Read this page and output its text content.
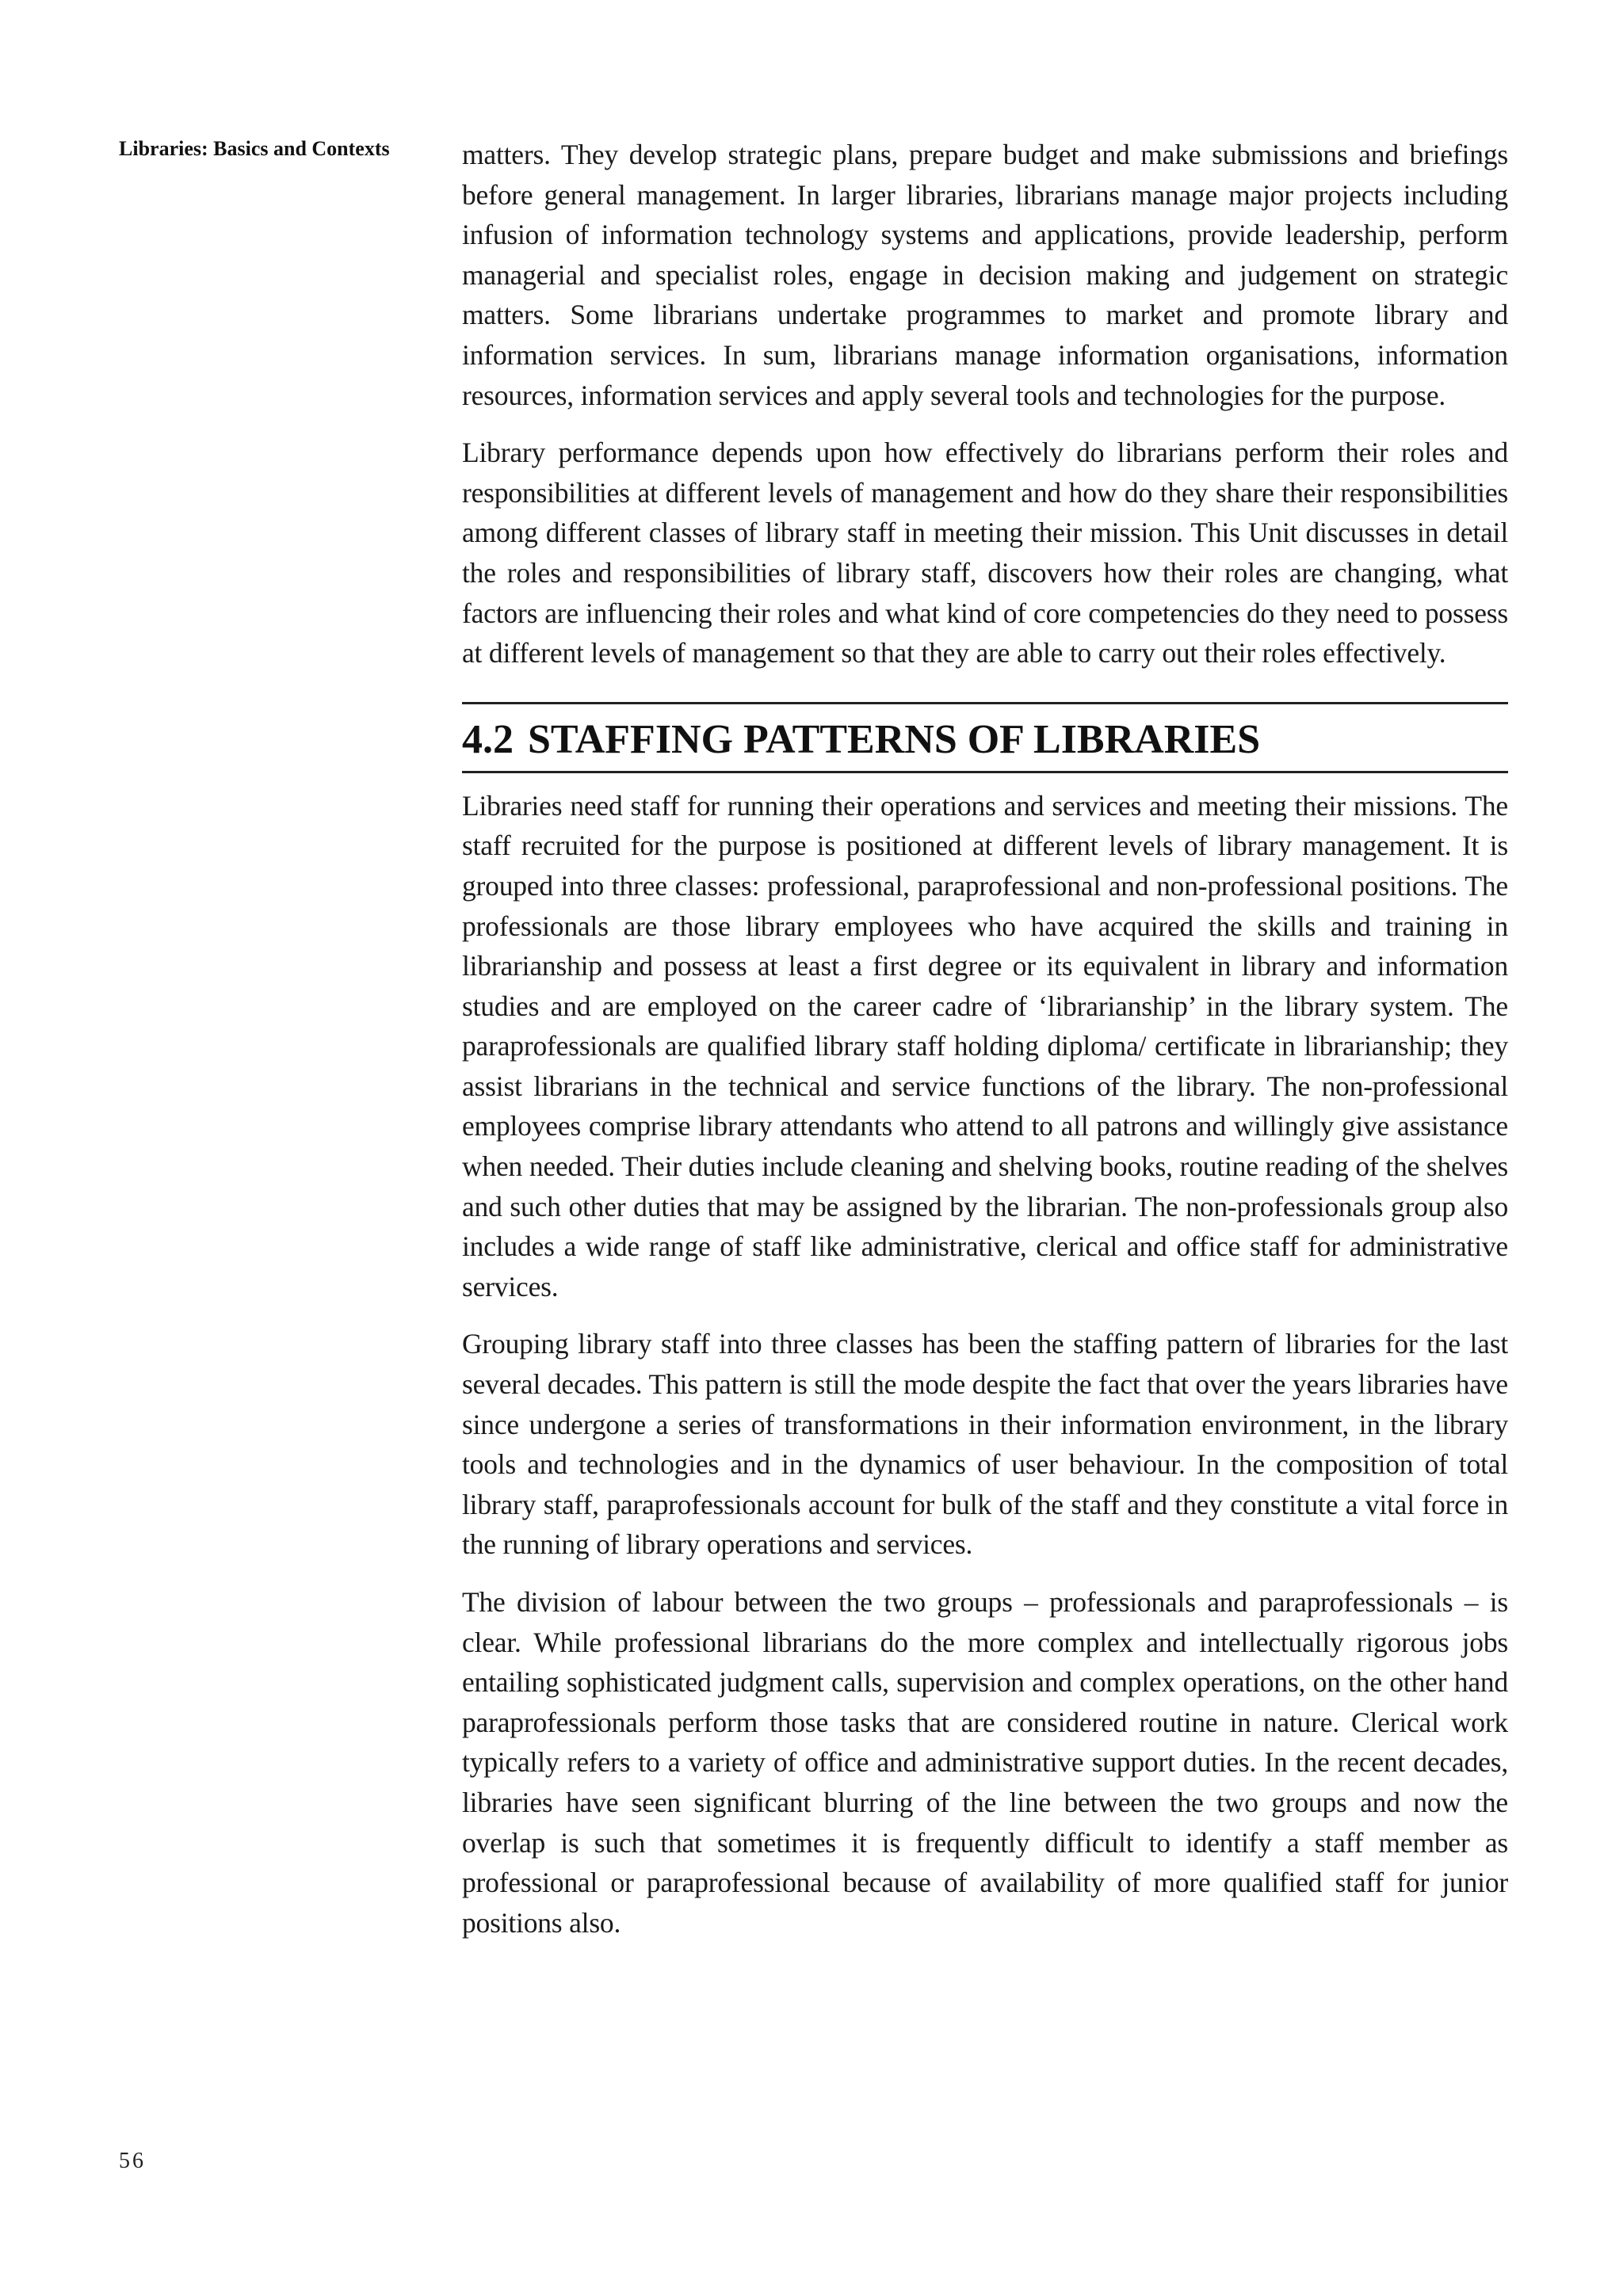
Libraries: Basics and Contexts	matters. They develop strategic plans, prepare budget and make submissions and briefings before general management. In larger libraries, librarians manage major projects including infusion of information technology systems and applications, provide leadership, perform managerial and specialist roles, engage in decision making and judgement on strategic matters. Some librarians undertake programmes to market and promote library and information services. In sum, librarians manage information organisations, information resources, information services and apply several tools and technologies for the purpose.

Library performance depends upon how effectively do librarians perform their roles and responsibilities at different levels of management and how do they share their responsibilities among different classes of library staff in meeting their mission. This Unit discusses in detail the roles and responsibilities of library staff, discovers how their roles are changing, what factors are influencing their roles and what kind of core competencies do they need to possess at different levels of management so that they are able to carry out their roles effectively.

4.2 STAFFING PATTERNS OF LIBRARIES

Libraries need staff for running their operations and services and meeting their missions. The staff recruited for the purpose is positioned at different levels of library management. It is grouped into three classes: professional, paraprofessional and non-professional positions. The professionals are those library employees who have acquired the skills and training in librarianship and possess at least a first degree or its equivalent in library and information studies and are employed on the career cadre of ‘librarianship’ in the library system. The paraprofessionals are qualified library staff holding diploma/ certificate in librarianship; they assist librarians in the technical and service functions of the library. The non-professional employees comprise library attendants who attend to all patrons and willingly give assistance when needed. Their duties include cleaning and shelving books, routine reading of the shelves and such other duties that may be assigned by the librarian. The non-professionals group also includes a wide range of staff like administrative, clerical and office staff for administrative services.

Grouping library staff into three classes has been the staffing pattern of libraries for the last several decades. This pattern is still the mode despite the fact that over the years libraries have since undergone a series of transformations in their information environment, in the library tools and technologies and in the dynamics of user behaviour. In the composition of total library staff, paraprofessionals account for bulk of the staff and they constitute a vital force in the running of library operations and services.

The division of labour between the two groups – professionals and paraprofessionals – is clear. While professional librarians do the more complex and intellectually rigorous jobs entailing sophisticated judgment calls, supervision and complex operations, on the other hand paraprofessionals perform those tasks that are considered routine in nature. Clerical work typically refers to a variety of office and administrative support duties. In the recent decades, libraries have seen significant blurring of the line between the two groups and now the overlap is such that sometimes it is frequently difficult to identify a staff member as professional or paraprofessional because of availability of more qualified staff for junior positions also.

56
